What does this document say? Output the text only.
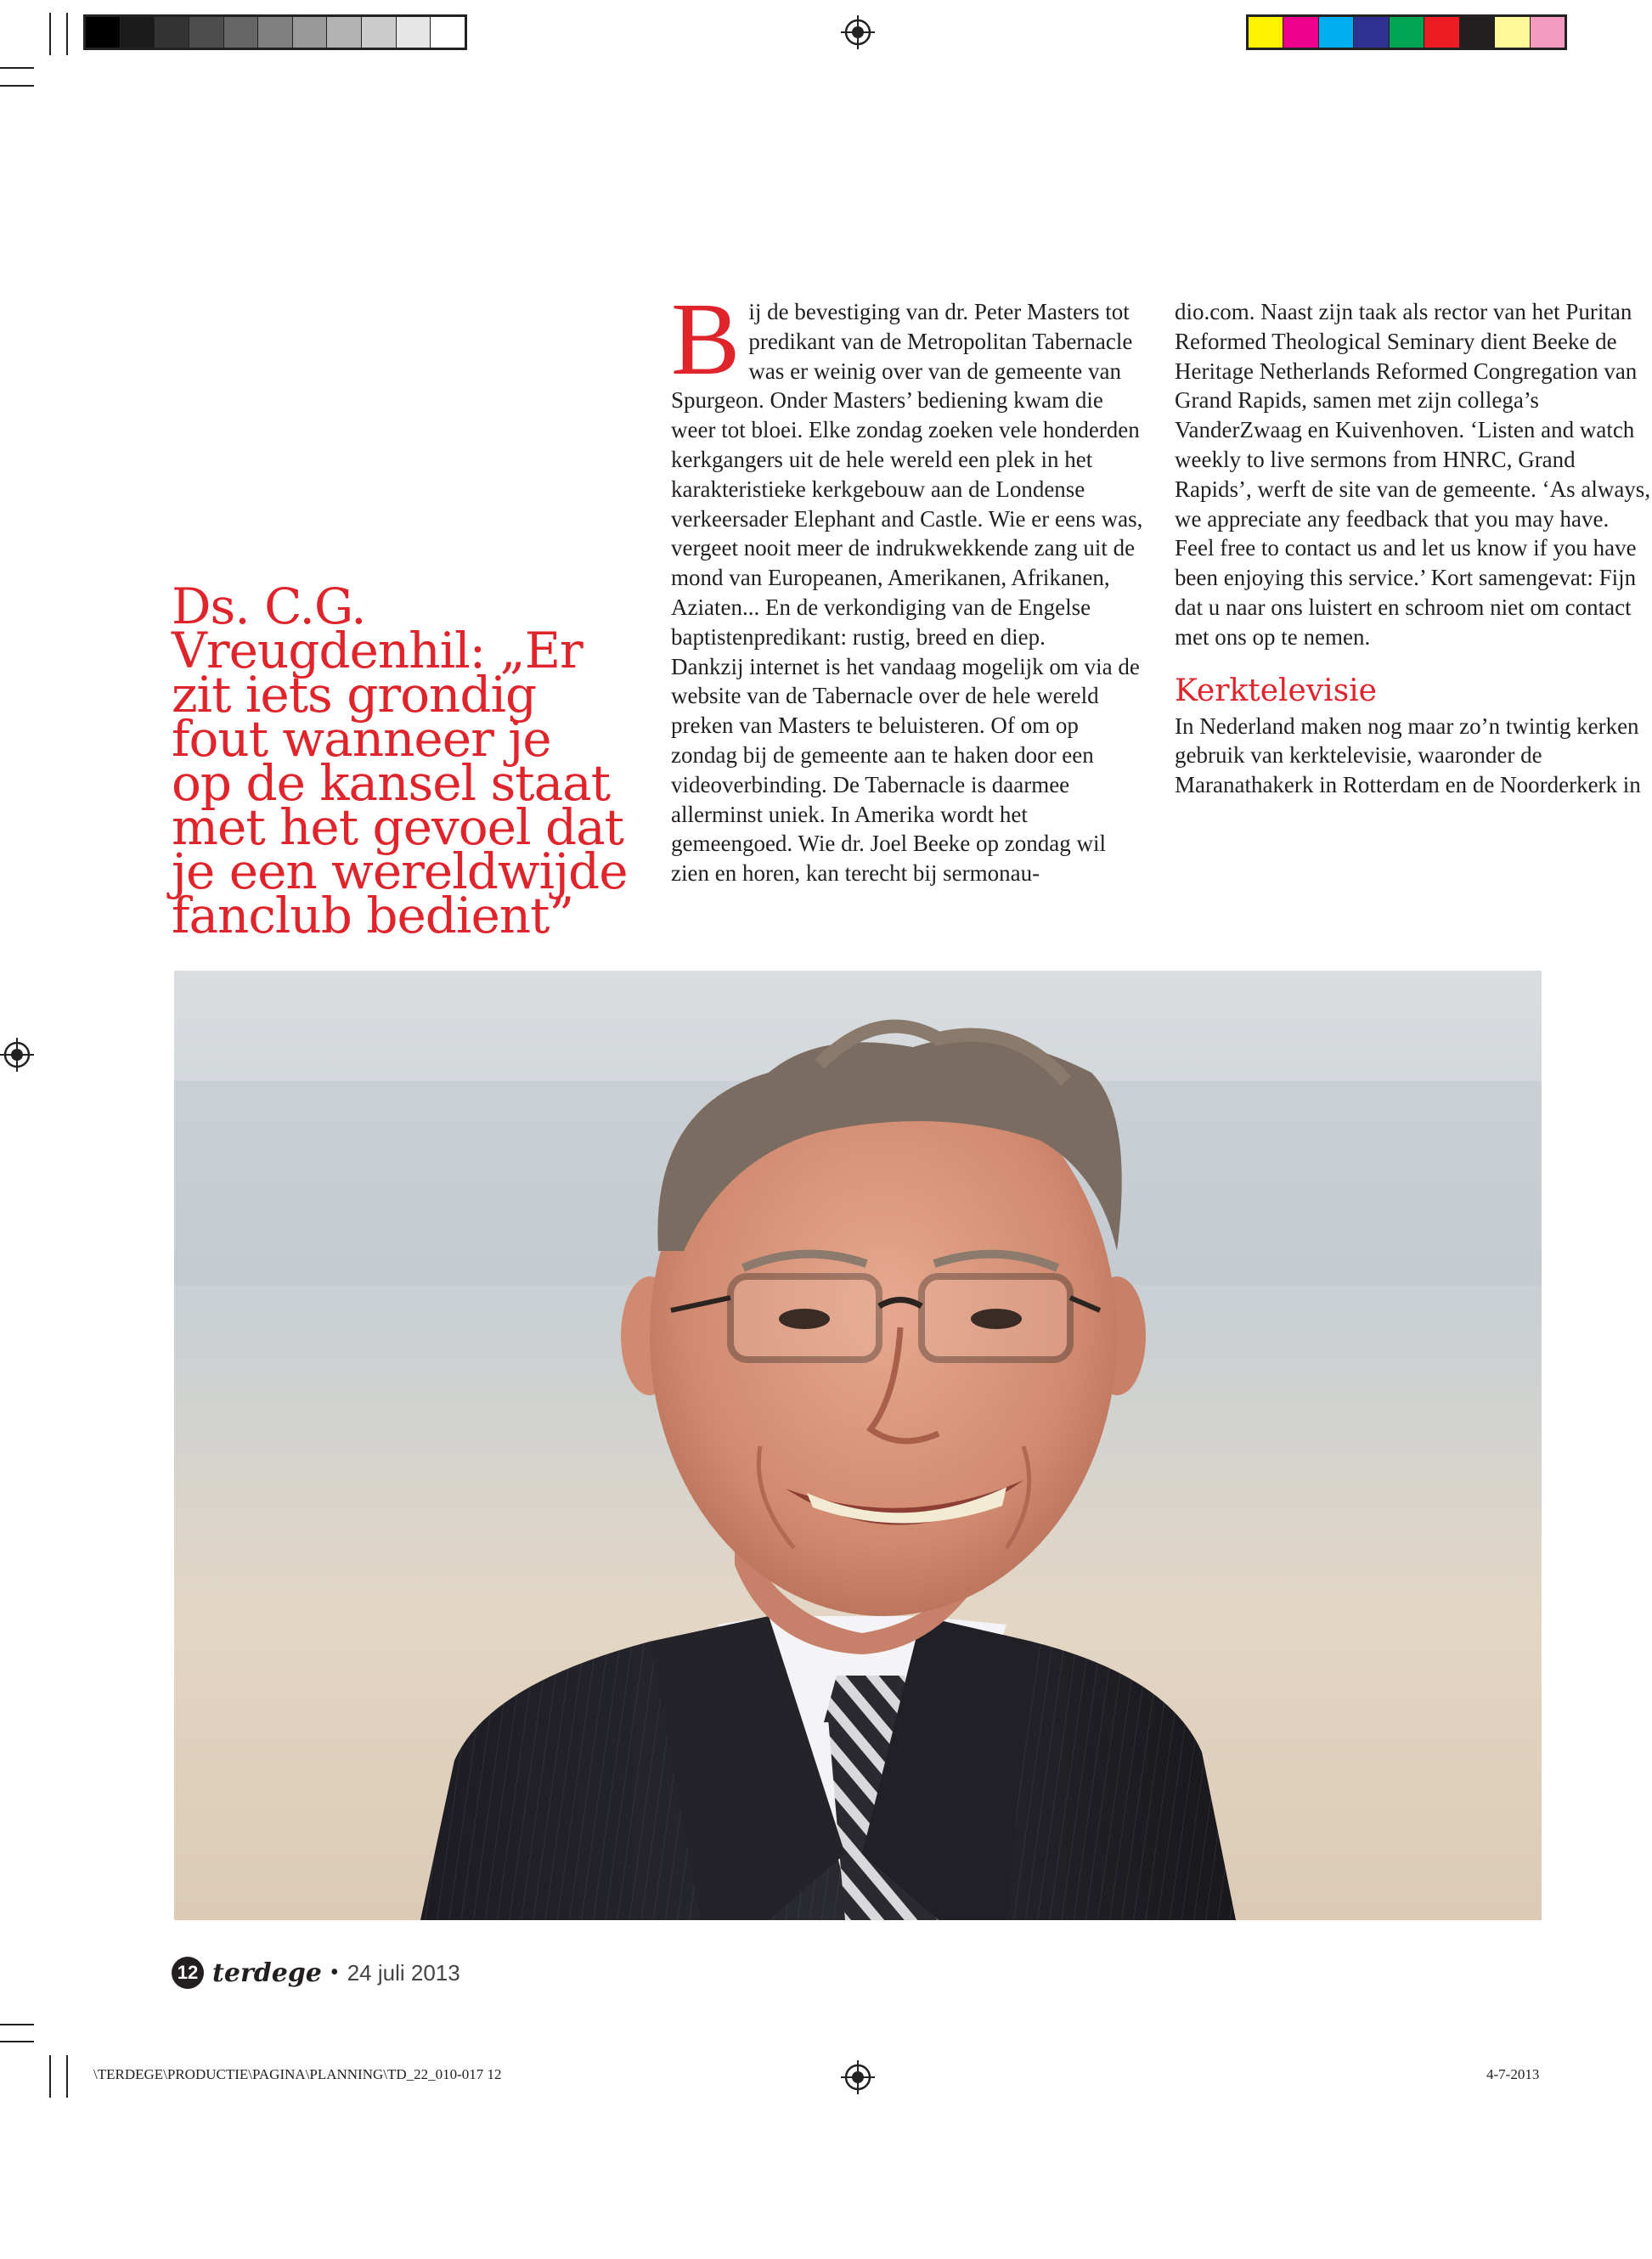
Ds. C.G.
Vreugdenhil: „Er
zit iets grondig
fout wanneer je
op de kansel staat
met het gevoel dat
je een wereldwijde
fanclub bedient”
B ij de bevestiging van dr. Peter Masters tot predikant van de Metropolitan Tabernacle was er weinig over van de gemeente van Spurgeon. Onder Masters’ bediening kwam die weer tot bloei. Elke zondag zoeken vele honderden kerkgangers uit de hele wereld een plek in het karakteristieke kerkgebouw aan de Londense verkeersader Elephant and Castle. Wie er eens was, vergeet nooit meer de indrukwekkende zang uit de mond van Europeanen, Amerikanen, Afrikanen, Aziaten... En de verkondiging van de Engelse baptistenpredikant: rustig, breed en diep.

Dankzij internet is het vandaag mogelijk om via de website van de Tabernacle over de hele wereld preken van Masters te beluisteren. Of om op zondag bij de gemeente aan te haken door een videoverbinding. De Tabernacle is daarmee allerminst uniek. In Amerika wordt het gemeengoed. Wie dr. Joel Beeke op zondag wil zien en horen, kan terecht bij sermonau-

dio.com. Naast zijn taak als rector van het Puritan Reformed Theological Seminary dient Beeke de Heritage Netherlands Reformed Congregation van Grand Rapids, samen met zijn collega’s VanderZwaag en Kuivenhoven. ‘Listen and watch weekly to live sermons from HNRC, Grand Rapids’, werft de site van de gemeente. ‘As always, we appreciate any feedback that you may have. Feel free to contact us and let us know if you have been enjoying this service.’ Kort samengevat: Fijn dat u naar ons luistert en schroom niet om contact met ons op te nemen.

Kerktelevisie

In Nederland maken nog maar zo’n twintig kerken gebruik van kerktelevisie, waaronder de Maranathakerk in Rotterdam en de Noorderkerk in

12 terdege • 24 juli 2013
\TERDEGE\PRODUCTIE\PAGINA\PLANNING\TD_22_010-017 12	4-7-2013
